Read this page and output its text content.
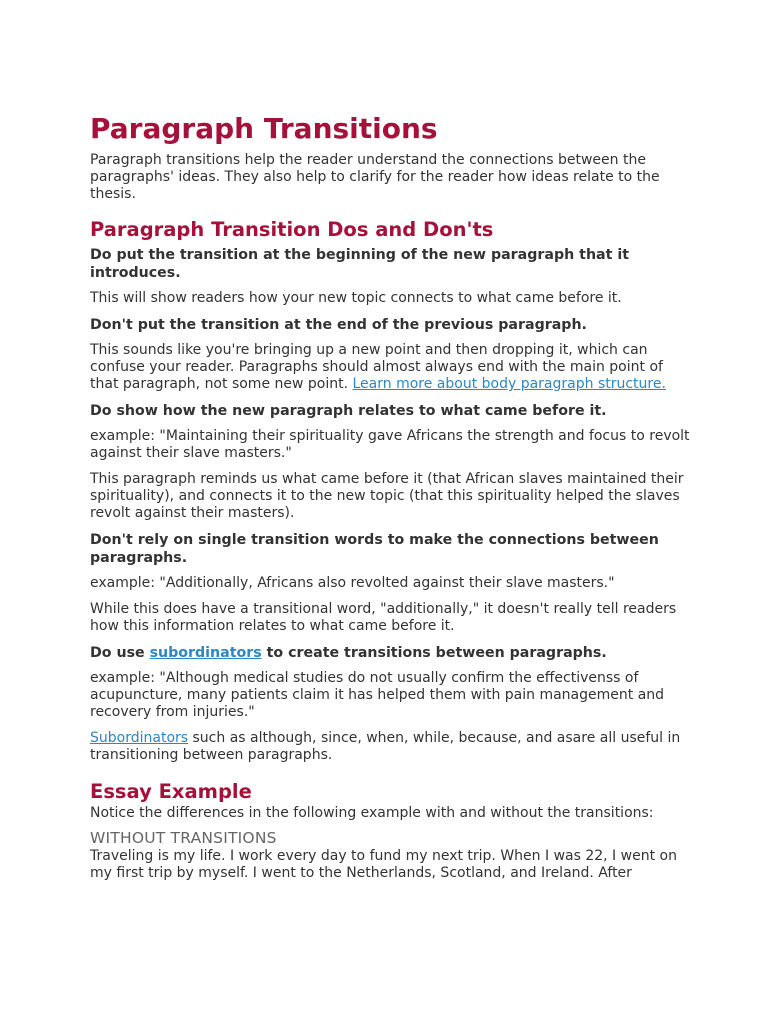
Paragraph Transitions

Paragraph transitions help the reader understand the connections between the paragraphs' ideas. They also help to clarify for the reader how ideas relate to the thesis.

Paragraph Transition Dos and Don'ts

Do put the transition at the beginning of the new paragraph that it introduces.

This will show readers how your new topic connects to what came before it.

Don't put the transition at the end of the previous paragraph.

This sounds like you're bringing up a new point and then dropping it, which can confuse your reader. Paragraphs should almost always end with the main point of that paragraph, not some new point. Learn more about body paragraph structure.

Do show how the new paragraph relates to what came before it.

example: "Maintaining their spirituality gave Africans the strength and focus to revolt against their slave masters."

This paragraph reminds us what came before it (that African slaves maintained their spirituality), and connects it to the new topic (that this spirituality helped the slaves revolt against their masters).

Don't rely on single transition words to make the connections between paragraphs.

example: "Additionally, Africans also revolted against their slave masters."

While this does have a transitional word, "additionally," it doesn't really tell readers how this information relates to what came before it.

Do use subordinators to create transitions between paragraphs.

example: "Although medical studies do not usually confirm the effectivenss of acupuncture, many patients claim it has helped them with pain management and recovery from injuries."

Subordinators such as although, since, when, while, because, and asare all useful in transitioning between paragraphs.

Essay Example

Notice the differences in the following example with and without the transitions:

WITHOUT TRANSITIONS

Traveling is my life. I work every day to fund my next trip. When I was 22, I went on my first trip by myself. I went to the Netherlands, Scotland, and Ireland. After
